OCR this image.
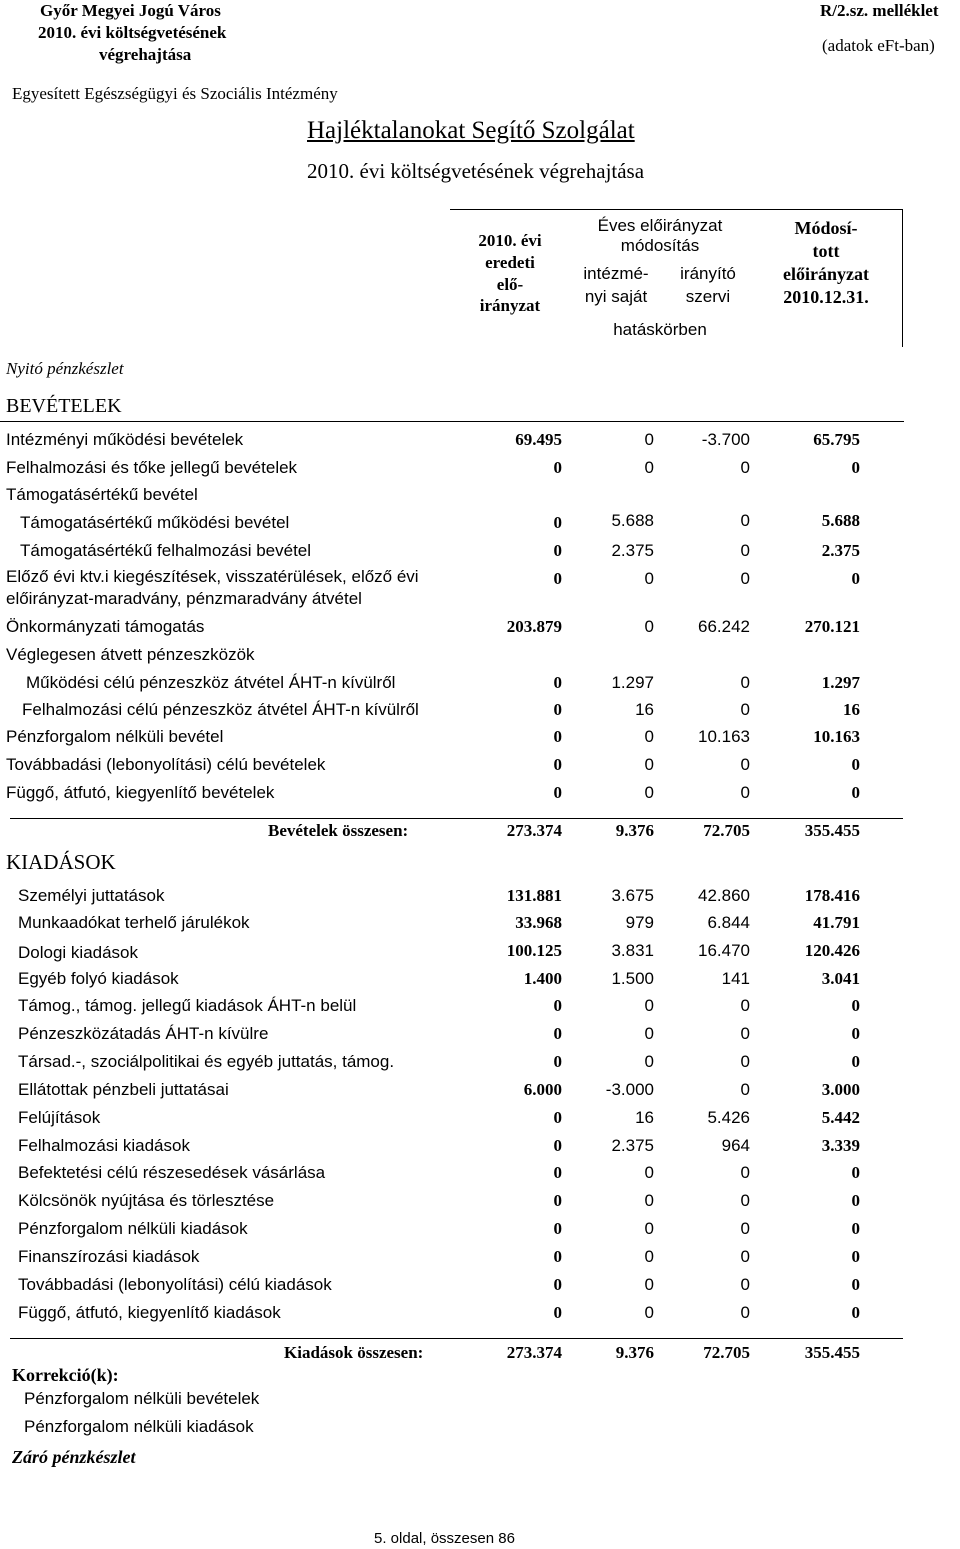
Győr Megyei Jogú Város
2010. évi költségvetésének
végrehajtása
R/2.sz. melléklet
(adatok eFt-ban)
Egyesített Egészségügyi és Szociális Intézmény
Hajléktalanokat Segítő Szolgálat
2010. évi költségvetésének végrehajtása
2010. évi
eredeti
elő-
irányzat
Éves előirányzat
módosítás
intézmé-
nyi saját
irányító
szervi
hatáskörben
Módosí-
tott
előirányzat
2010.12.31.
Nyitó pénzkészlet
BEVÉTELEK
Intézményi működési bevételek	69.495	0	-3.700	65.795
Felhalmozási és tőke jellegű bevételek	0	0	0	0
Támogatásértékű bevétel
Támogatásértékű működési bevétel	0	5.688	0	5.688
Támogatásértékű felhalmozási bevétel	0	2.375	0	2.375
Előző évi ktv.i kiegészítések, visszatérülések, előző évi
előirányzat-maradvány, pénzmaradvány átvétel
0	0	0	0
Önkormányzati támogatás	203.879	0	66.242	270.121
Véglegesen átvett pénzeszközök
Működési célú pénzeszköz átvétel ÁHT-n kívülről	0	1.297	0	1.297
Felhalmozási célú pénzeszköz átvétel ÁHT-n kívülről	0	16	0	16
Pénzforgalom nélküli bevétel	0	0	10.163	10.163
Továbbadási (lebonyolítási) célú bevételek	0	0	0	0
Függő, átfutó, kiegyenlítő bevételek	0	0	0	0
Bevételek összesen:	273.374	9.376	72.705	355.455
KIADÁSOK
Személyi juttatások	131.881	3.675	42.860	178.416
Munkaadókat terhelő járulékok	33.968	979	6.844	41.791
Dologi kiadások	100.125	3.831	16.470	120.426
Egyéb folyó kiadások	1.400	1.500	141	3.041
Támog., támog. jellegű kiadások ÁHT-n belül	0	0	0	0
Pénzeszközátadás ÁHT-n kívülre	0	0	0	0
Társad.-, szociálpolitikai és egyéb juttatás, támog.	0	0	0	0
Ellátottak pénzbeli juttatásai	6.000	-3.000	0	3.000
Felújítások	0	16	5.426	5.442
Felhalmozási kiadások	0	2.375	964	3.339
Befektetési célú részesedések vásárlása	0	0	0	0
Kölcsönök nyújtása és törlesztése	0	0	0	0
Pénzforgalom nélküli kiadások	0	0	0	0
Finanszírozási kiadások	0	0	0	0
Továbbadási (lebonyolítási) célú kiadások	0	0	0	0
Függő, átfutó, kiegyenlítő kiadások	0	0	0	0
Kiadások összesen:	273.374	9.376	72.705	355.455
Korrekció(k):
Pénzforgalom nélküli bevételek
Pénzforgalom nélküli kiadások
Záró pénzkészlet
5. oldal, összesen 86
